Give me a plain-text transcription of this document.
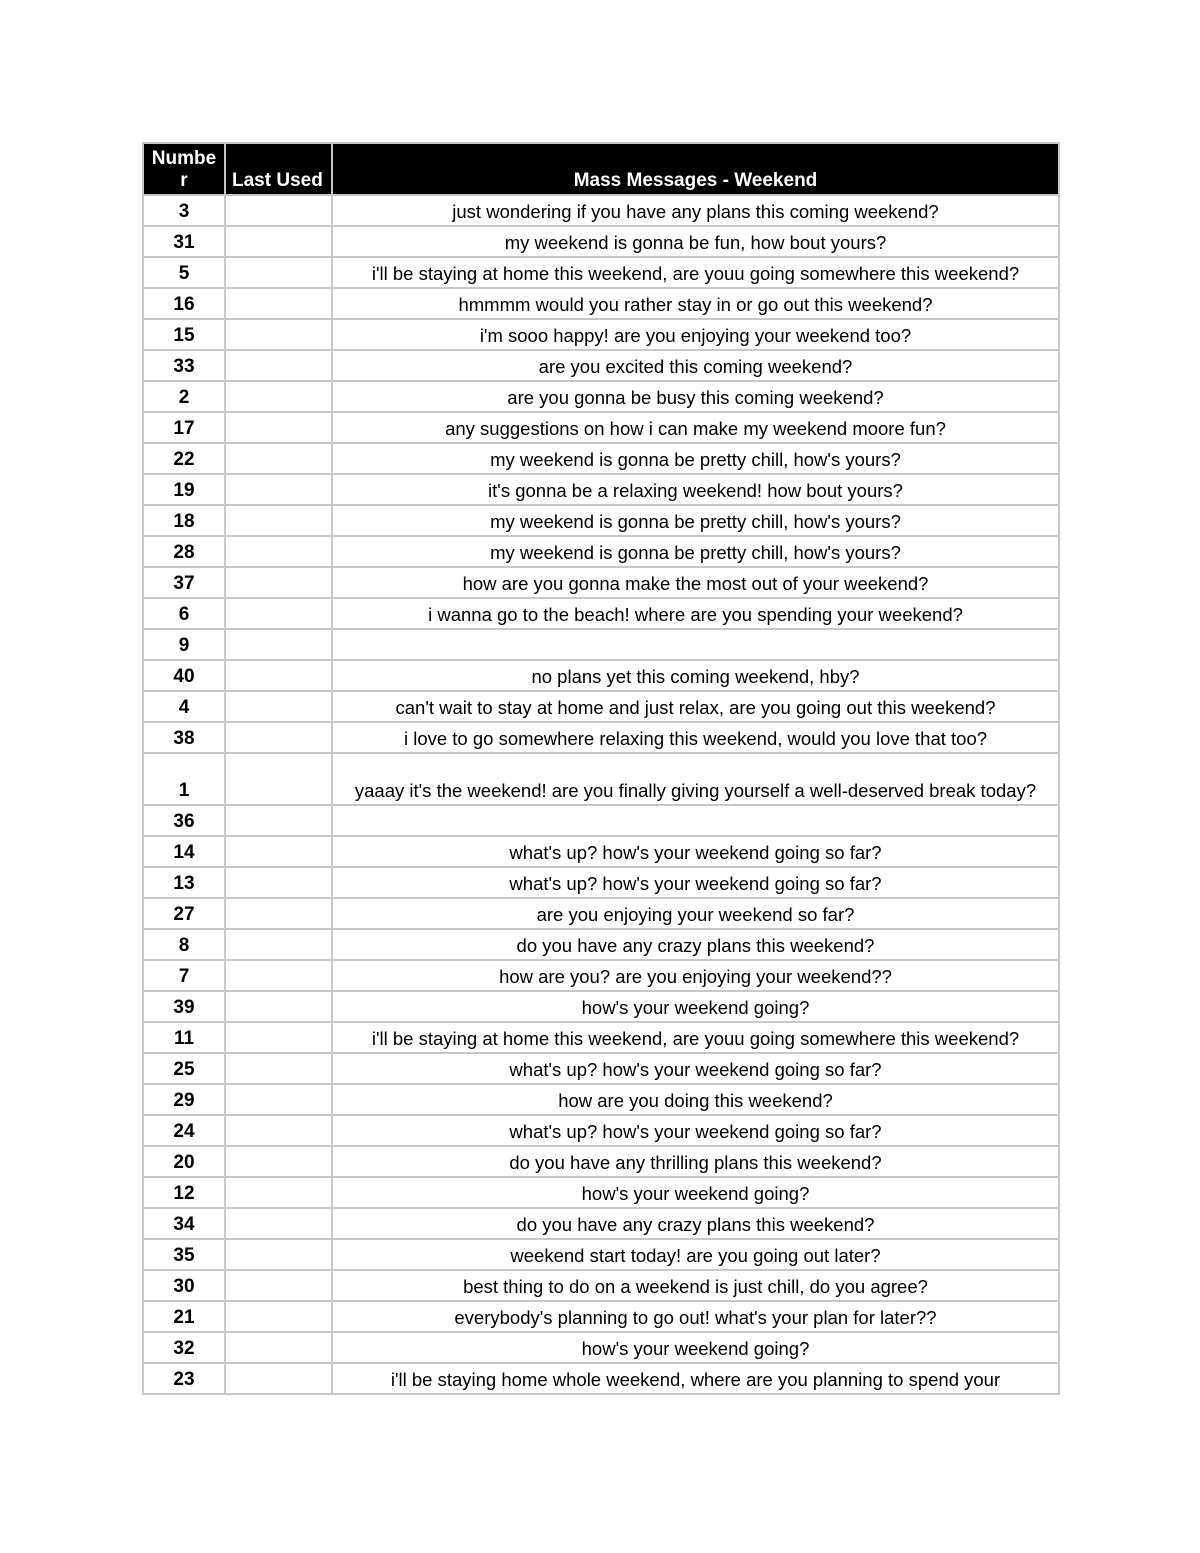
Numbe
r	Last Used	Mass Messages - Weekend
3		just wondering if you have any plans this coming weekend?
31		my weekend is gonna be fun, how bout yours?
5		i'll be staying at home this weekend, are youu going somewhere this weekend?
16		hmmmm would you rather stay in or go out this weekend?
15		i'm sooo happy! are you enjoying your weekend too?
33		are you excited this coming weekend?
2		are you gonna be busy this coming weekend?
17		any suggestions on how i can make my weekend moore fun?
22		my weekend is gonna be pretty chill, how's yours?
19		it's gonna be a relaxing weekend! how bout yours?
18		my weekend is gonna be pretty chill, how's yours?
28		my weekend is gonna be pretty chill, how's yours?
37		how are you gonna make the most out of your weekend?
6		i wanna go to the beach! where are you spending your weekend?
9		
40		no plans yet this coming weekend, hby?
4		can't wait to stay at home and just relax, are you going out this weekend?
38		i love to go somewhere relaxing this weekend, would you love that too?
1		yaaay it's the weekend! are you finally giving yourself a well-deserved break today?
36		
14		what's up? how's your weekend going so far?
13		what's up? how's your weekend going so far?
27		are you enjoying your weekend so far?
8		do you have any crazy plans this weekend?
7		how are you? are you enjoying your weekend??
39		how's your weekend going?
11		i'll be staying at home this weekend, are youu going somewhere this weekend?
25		what's up? how's your weekend going so far?
29		how are you doing this weekend?
24		what's up? how's your weekend going so far?
20		do you have any thrilling plans this weekend?
12		how's your weekend going?
34		do you have any crazy plans this weekend?
35		weekend start today! are you going out later?
30		best thing to do on a weekend is just chill, do you agree?
21		everybody's planning to go out! what's your plan for later??
32		how's your weekend going?
23		i'll be staying home whole weekend, where are you planning to spend your
